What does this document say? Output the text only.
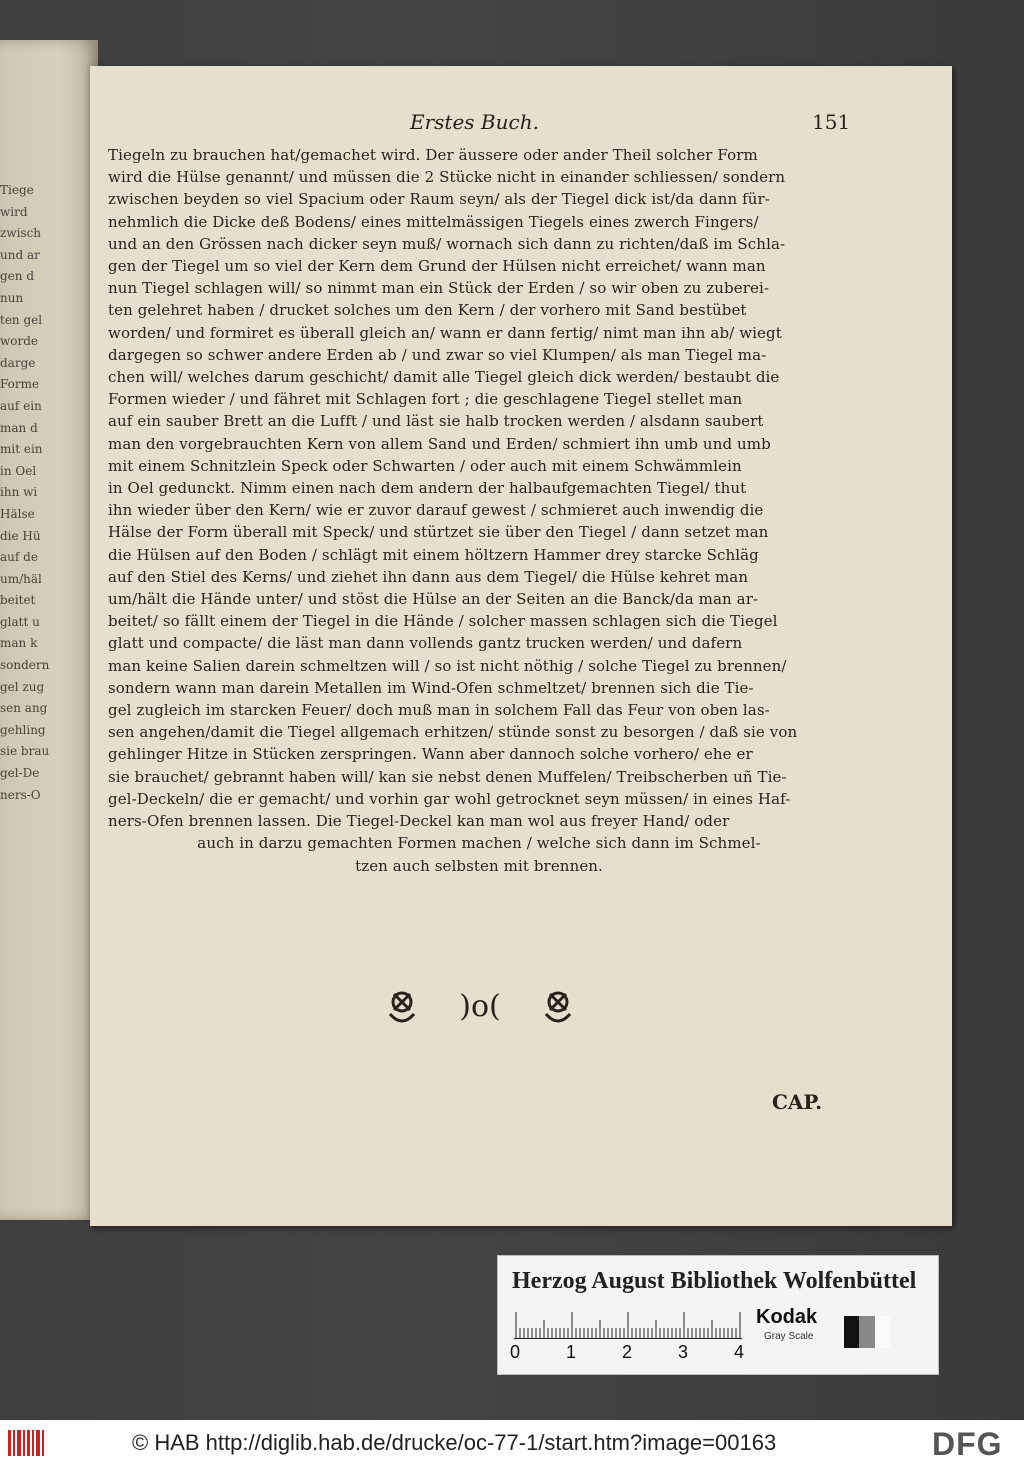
Tiege
wird
zwisch
und ar
gen d
nun
ten gel
worde
darge
Forme
auf ein
man d
mit ein
in Oel
ihn wi
Hälse
die Hü
auf de
um/häl
beitet
glatt u
man k
sondern
gel zug
sen ang
gehling
sie brau
gel-De
ners-O
Erstes Buch.	151
Tiegeln zu brauchen hat/gemachet wird. Der äussere oder ander Theil solcher Form
wird die Hülse genannt/ und müssen die 2 Stücke nicht in einander schliessen/ sondern
zwischen beyden so viel Spacium oder Raum seyn/ als der Tiegel dick ist/da dann für-
nehmlich die Dicke deß Bodens/ eines mittelmässigen Tiegels eines zwerch Fingers/
und an den Grössen nach dicker seyn muß/ wornach sich dann zu richten/daß im Schla-
gen der Tiegel um so viel der Kern dem Grund der Hülsen nicht erreichet/ wann man
nun Tiegel schlagen will/ so nimmt man ein Stück der Erden / so wir oben zu zuberei-
ten gelehret haben / drucket solches um den Kern / der vorhero mit Sand bestübet
worden/ und formiret es überall gleich an/ wann er dann fertig/ nimt man ihn ab/ wiegt
dargegen so schwer andere Erden ab / und zwar so viel Klumpen/ als man Tiegel ma-
chen will/ welches darum geschicht/ damit alle Tiegel gleich dick werden/ bestaubt die
Formen wieder / und fähret mit Schlagen fort ; die geschlagene Tiegel stellet man
auf ein sauber Brett an die Lufft / und läst sie halb trocken werden / alsdann saubert
man den vorgebrauchten Kern von allem Sand und Erden/ schmiert ihn umb und umb
mit einem Schnitzlein Speck oder Schwarten / oder auch mit einem Schwämmlein
in Oel gedunckt. Nimm einen nach dem andern der halbaufgemachten Tiegel/ thut
ihn wieder über den Kern/ wie er zuvor darauf gewest / schmieret auch inwendig die
Hälse der Form überall mit Speck/ und stürtzet sie über den Tiegel / dann setzet man
die Hülsen auf den Boden / schlägt mit einem höltzern Hammer drey starcke Schläg
auf den Stiel des Kerns/ und ziehet ihn dann aus dem Tiegel/ die Hülse kehret man
um/hält die Hände unter/ und stöst die Hülse an der Seiten an die Banck/da man ar-
beitet/ so fällt einem der Tiegel in die Hände / solcher massen schlagen sich die Tiegel
glatt und compacte/ die läst man dann vollends gantz trucken werden/ und dafern
man keine Salien darein schmeltzen will / so ist nicht nöthig / solche Tiegel zu brennen/
sondern wann man darein Metallen im Wind-Ofen schmeltzet/ brennen sich die Tie-
gel zugleich im starcken Feuer/ doch muß man in solchem Fall das Feur von oben las-
sen angehen/damit die Tiegel allgemach erhitzen/ stünde sonst zu besorgen / daß sie von
gehlinger Hitze in Stücken zerspringen. Wann aber dannoch solche vorhero/ ehe er
sie brauchet/ gebrannt haben will/ kan sie nebst denen Muffelen/ Treibscherben uñ Tie-
gel-Deckeln/ die er gemacht/ und vorhin gar wohl getrocknet seyn müssen/ in eines Haf-
ners-Ofen brennen lassen. Die Tiegel-Deckel kan man wol aus freyer Hand/ oder
auch in darzu gemachten Formen machen / welche sich dann im Schmel-
tzen auch selbsten mit brennen.
)o(
CAP.
Herzog August Bibliothek Wolfenbüttel
0	1	2	3	4
Kodak
Gray Scale
© HAB http://diglib.hab.de/drucke/oc-77-1/start.htm?image=00163	DFG
